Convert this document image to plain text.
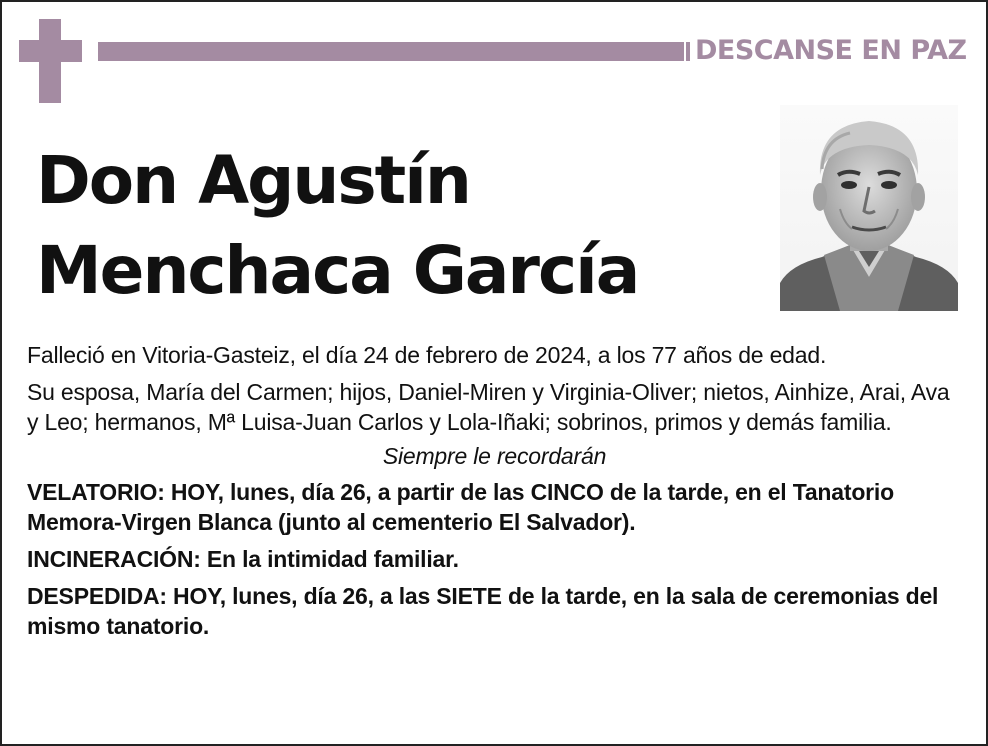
DESCANSE EN PAZ
Don Agustín
Menchaca García

Falleció en Vitoria-Gasteiz, el día 24 de febrero de 2024, a los 77 años de edad.

Su esposa, María del Carmen; hijos, Daniel-Miren y Virginia-Oliver; nietos, Ainhize, Arai, Ava y Leo; hermanos, Mª Luisa-Juan Carlos y Lola-Iñaki; sobrinos, primos y demás familia.

Siempre le recordarán

VELATORIO: HOY, lunes, día 26, a partir de las CINCO de la tarde, en el Tanatorio Memora-Virgen Blanca (junto al cementerio El Salvador).

INCINERACIÓN: En la intimidad familiar.

DESPEDIDA: HOY, lunes, día 26, a las SIETE de la tarde, en la sala de ceremonias del mismo tanatorio.
